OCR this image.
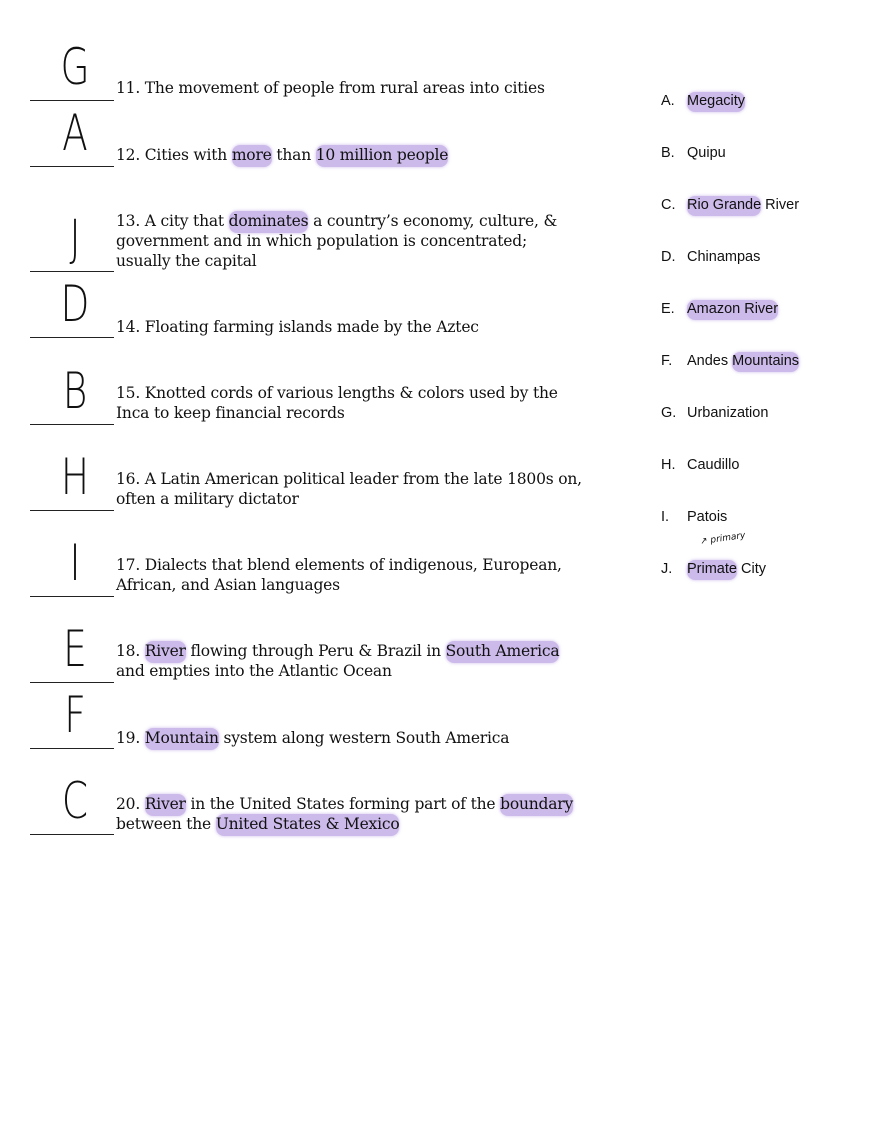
G 11. The movement of people from rural areas into cities
A	12. Cities with more than 10 million people
J	13. A city that dominates a country’s economy, culture, & government and in which population is concentrated; usually the capital
D 14. Floating farming islands made by the Aztec
B	15. Knotted cords of various lengths & colors used by the Inca to keep financial records
H	16. A Latin American political leader from the late 1800s on, often a military dictator
I	17. Dialects that blend elements of indigenous, European, African, and Asian languages
E	18. River flowing through Peru & Brazil in South America and empties into the Atlantic Ocean
F	19. Mountain system along western South America
C	20. River in the United States forming part of the boundary between the United States & Mexico
A. Megacity
B. Quipu
C. Rio Grande River
D. Chinampas
E. Amazon River
F. Andes Mountains
G. Urbanization
H. Caudillo
I. Patois
J. Primate City
↗ primary
